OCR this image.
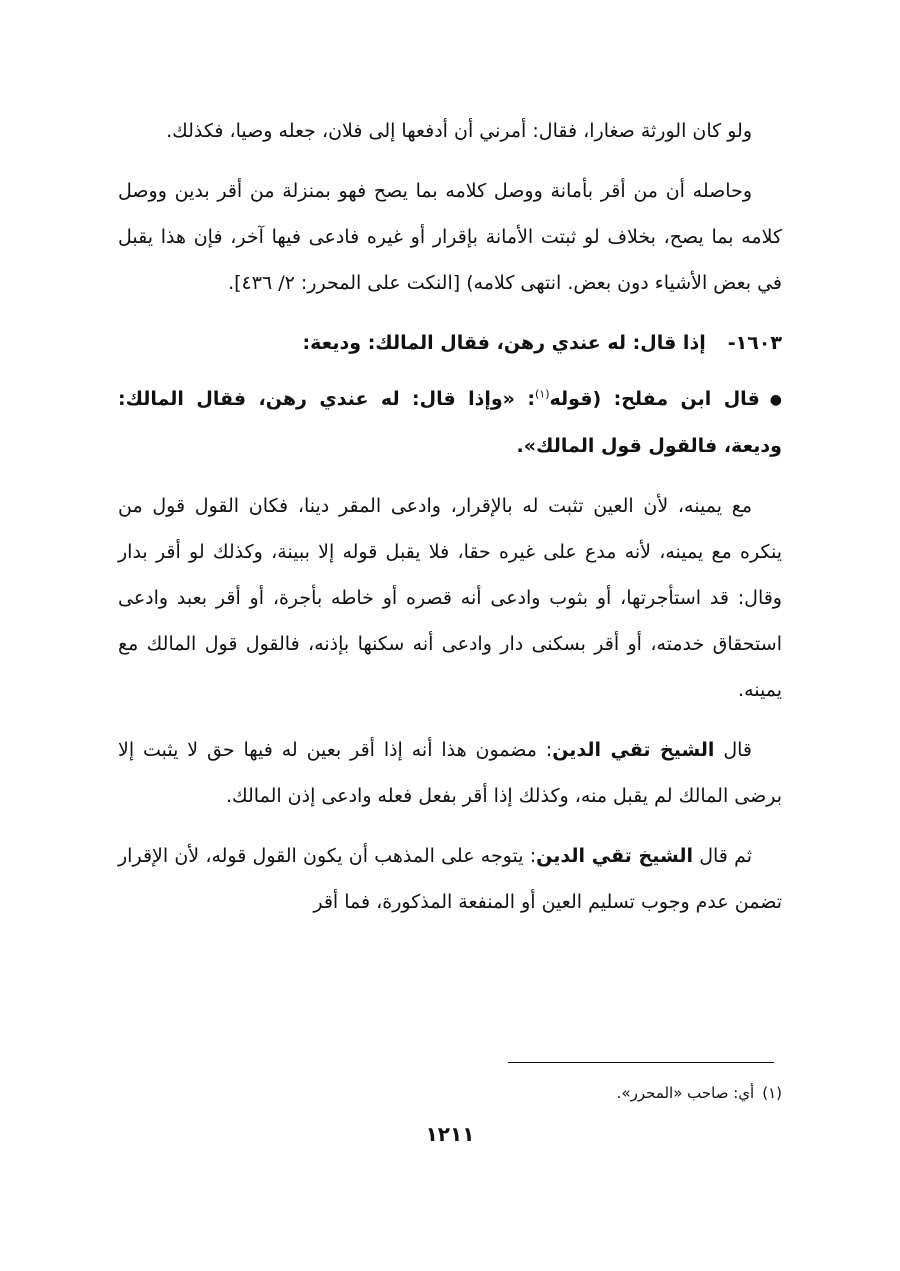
ولو كان الورثة صغارا، فقال: أمرني أن أدفعها إلى فلان، جعله وصيا، فكذلك.

وحاصله أن من أقر بأمانة ووصل كلامه بما يصح فهو بمنزلة من أقر بدين ووصل كلامه بما يصح، بخلاف لو ثبتت الأمانة بإقرار أو غيره فادعى فيها آخر، فإن هذا يقبل في بعض الأشياء دون بعض. انتهى كلامه) [النكت على المحرر: ٢/ ٤٣٦].

١٦٠٣-إذا قال: له عندي رهن، فقال المالك: وديعة:

●قال ابن مفلح: (قوله$^{(١)}$: «وإذا قال: له عندي رهن، فقال المالك: وديعة، فالقول قول المالك».

مع يمينه، لأن العين تثبت له بالإقرار، وادعى المقر دينا، فكان القول قول من ينكره مع يمينه، لأنه مدع على غيره حقا، فلا يقبل قوله إلا ببينة، وكذلك لو أقر بدار وقال: قد استأجرتها، أو بثوب وادعى أنه قصره أو خاطه بأجرة، أو أقر بعبد وادعى استحقاق خدمته، أو أقر بسكنى دار وادعى أنه سكنها بإذنه، فالقول قول المالك مع يمينه.

قال الشيخ تقي الدين: مضمون هذا أنه إذا أقر بعين له فيها حق لا يثبت إلا برضى المالك لم يقبل منه، وكذلك إذا أقر بفعل فعله وادعى إذن المالك.

ثم قال الشيخ تقي الدين: يتوجه على المذهب أن يكون القول قوله، لأن الإقرار تضمن عدم وجوب تسليم العين أو المنفعة المذكورة، فما أقر

(١)أي: صاحب «المحرر».
١٢١١
